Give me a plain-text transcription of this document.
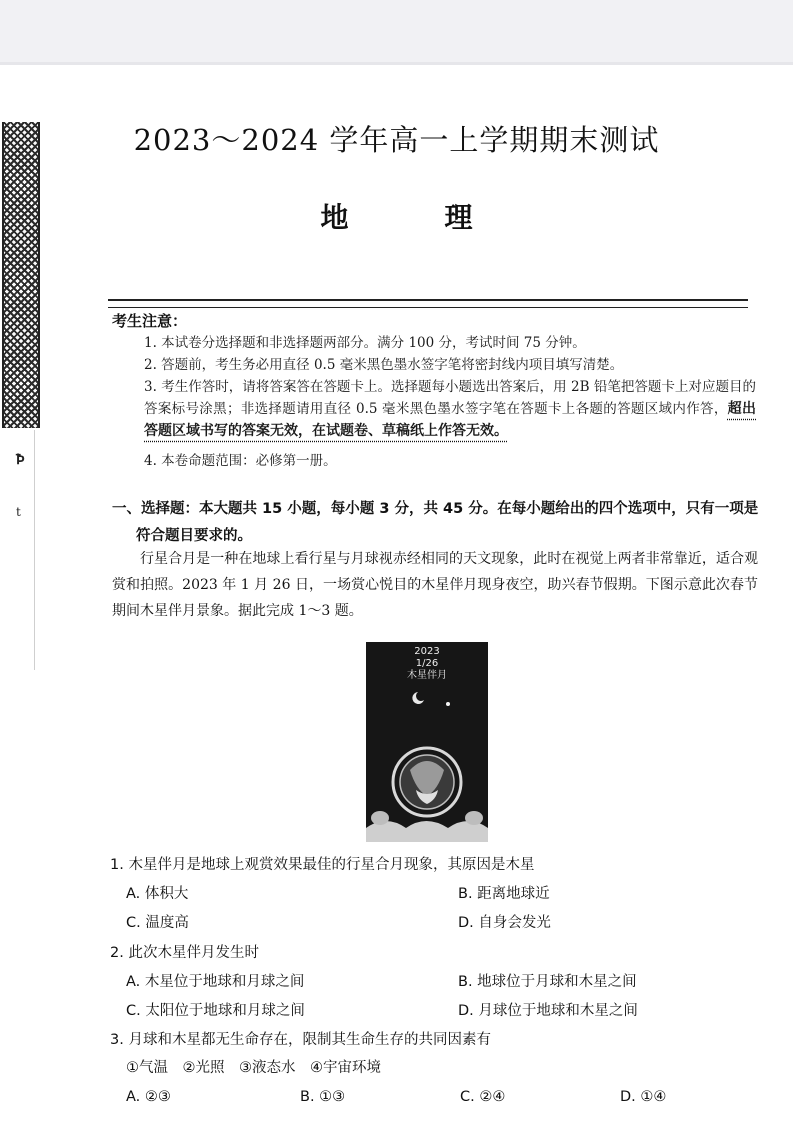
Ꝥ
t
2023～2024 学年高一上学期期末测试
地　理
考生注意：
1. 本试卷分选择题和非选择题两部分。满分 100 分，考试时间 75 分钟。
2. 答题前，考生务必用直径 0.5 毫米黑色墨水签字笔将密封线内项目填写清楚。
3. 考生作答时，请将答案答在答题卡上。选择题每小题选出答案后，用 2B 铅笔把答题卡上对应题目的答案标号涂黑；非选择题请用直径 0.5 毫米黑色墨水签字笔在答题卡上各题的答题区域内作答，超出答题区域书写的答案无效，在试题卷、草稿纸上作答无效。
4. 本卷命题范围：必修第一册。
一、选择题：本大题共 15 小题，每小题 3 分，共 45 分。在每小题给出的四个选项中，只有一项是
符合题目要求的。
行星合月是一种在地球上看行星与月球视赤经相同的天文现象，此时在视觉上两者非常靠近，适合观赏和拍照。2023 年 1 月 26 日，一场赏心悦目的木星伴月现身夜空，助兴春节假期。下图示意此次春节期间木星伴月景象。据此完成 1～3 题。
2023
1/26
木星伴月
1. 木星伴月是地球上观赏效果最佳的行星合月现象，其原因是木星
A. 体积大	B. 距离地球近
C. 温度高	D. 自身会发光
2. 此次木星伴月发生时
A. 木星位于地球和月球之间	B. 地球位于月球和木星之间
C. 太阳位于地球和月球之间	D. 月球位于地球和木星之间
3. 月球和木星都无生命存在，限制其生命生存的共同因素有
①气温　②光照　③液态水　④宇宙环境
A. ②③	B. ①③	C. ②④	D. ①④
